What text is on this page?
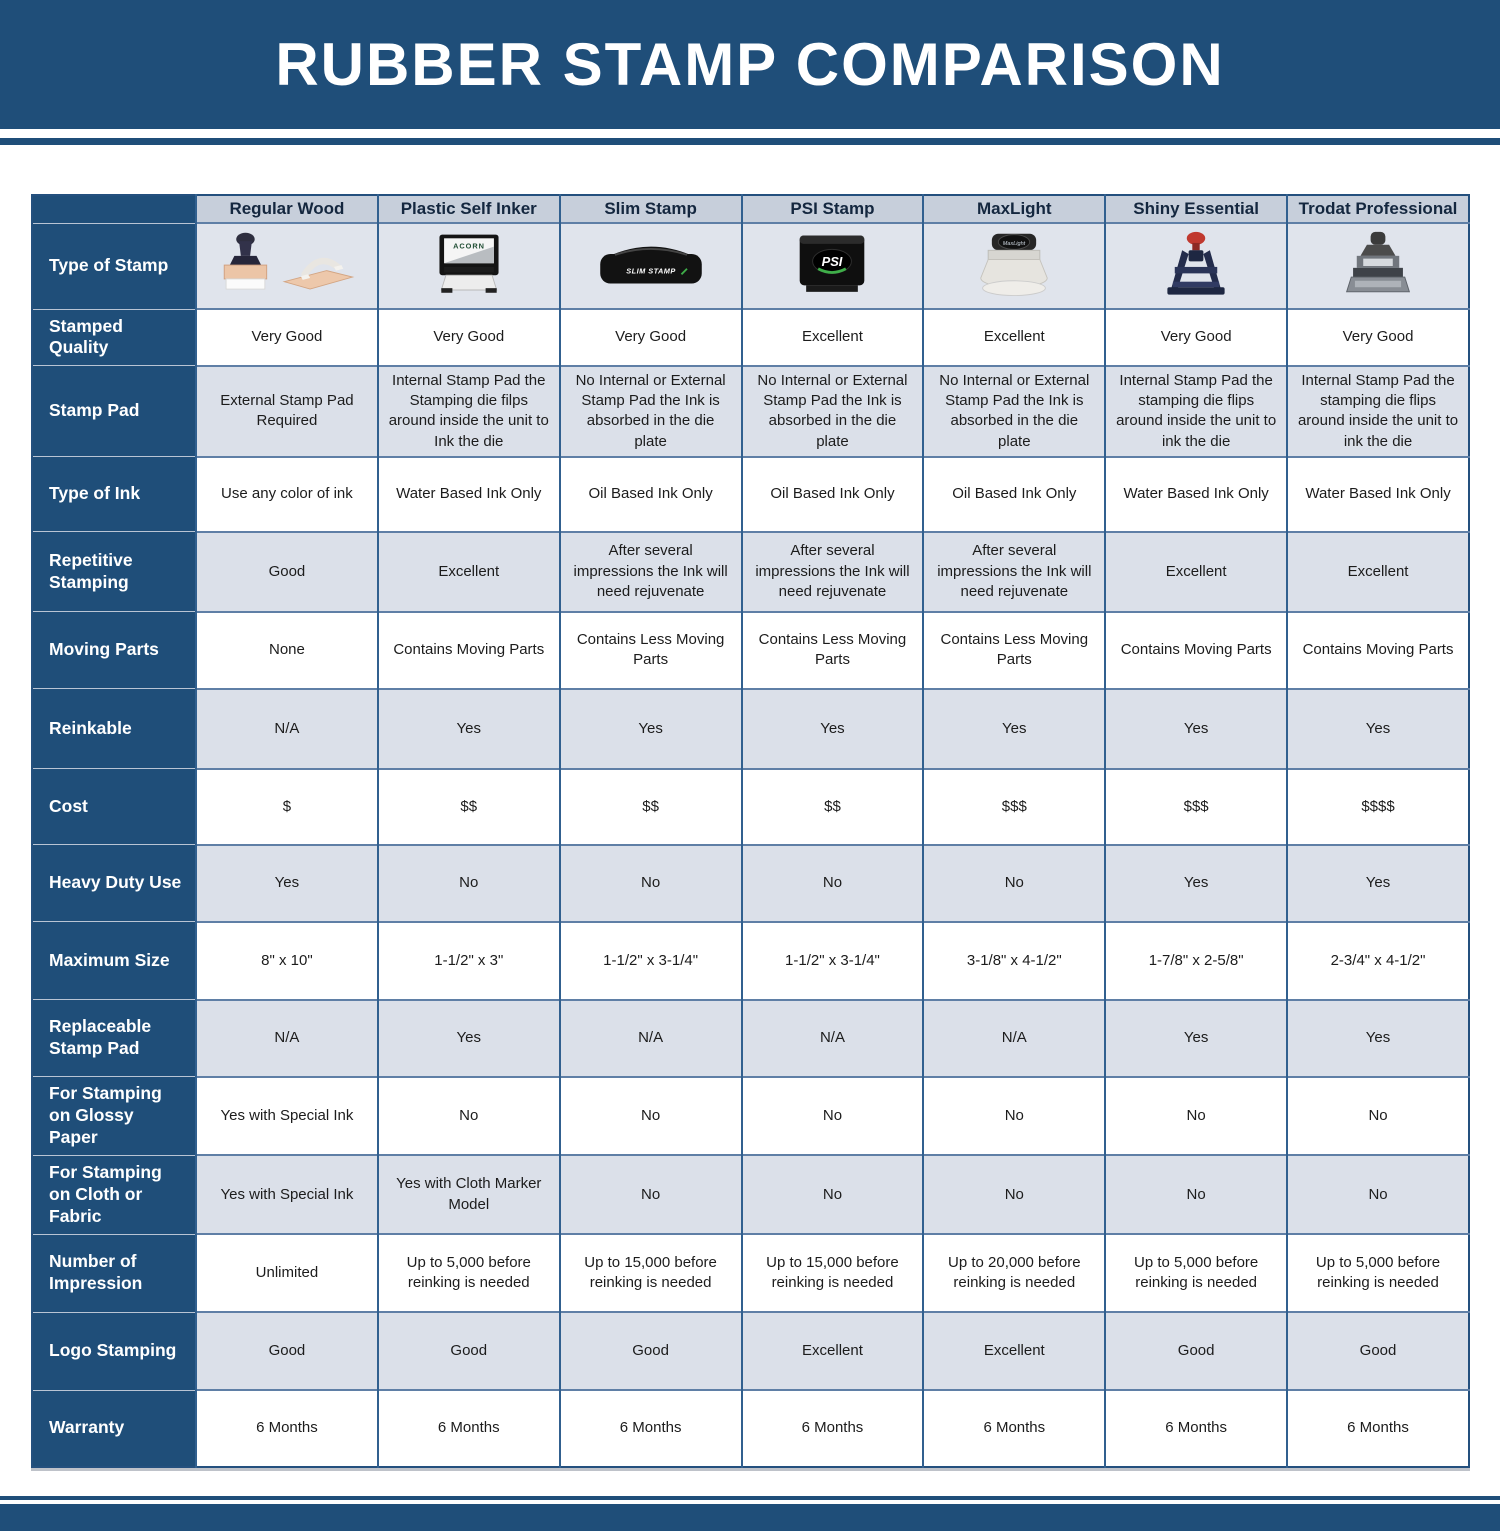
RUBBER STAMP COMPARISON
	Regular Wood	Plastic Self Inker	Slim Stamp	PSI Stamp	MaxLight	Shiny Essential	Trodat Professional
Type of Stamp		ACORN	SLIM STAMP	PSI	MaxLight

Stamped Quality	Very Good	Very Good	Very Good	Excellent	Excellent	Very Good	Very Good
Stamp Pad	External Stamp Pad Required	Internal Stamp Pad the Stamping die filps around inside the unit to Ink the die	No Internal or External Stamp Pad the Ink is absorbed in the die plate	No Internal or External Stamp Pad the Ink is absorbed in the die plate	No Internal or External Stamp Pad the Ink is absorbed in the die plate	Internal Stamp Pad the stamping die flips around inside the unit to ink the die	Internal Stamp Pad the stamping die flips around inside the unit to ink the die
Type of Ink	Use any color of ink	Water Based Ink Only	Oil Based Ink Only	Oil Based Ink Only	Oil Based Ink Only	Water Based Ink Only	Water Based Ink Only
Repetitive Stamping	Good	Excellent	After several impressions the Ink will need rejuvenate	After several impressions the Ink will need rejuvenate	After several impressions the Ink will need rejuvenate	Excellent	Excellent
Moving Parts	None	Contains Moving Parts	Contains Less Moving Parts	Contains Less Moving Parts	Contains Less Moving Parts	Contains Moving Parts	Contains Moving Parts
Reinkable	N/A	Yes	Yes	Yes	Yes	Yes	Yes
Cost	$	$$	$$	$$	$$$	$$$	$$$$
Heavy Duty Use	Yes	No	No	No	No	Yes	Yes
Maximum Size	8" x 10"	1-1/2" x 3"	1-1/2" x 3-1/4"	1-1/2" x 3-1/4"	3-1/8" x 4-1/2"	1-7/8" x 2-5/8"	2-3/4" x 4-1/2"
Replaceable Stamp Pad	N/A	Yes	N/A	N/A	N/A	Yes	Yes
For Stamping on Glossy Paper	Yes with Special Ink	No	No	No	No	No	No
For Stamping on Cloth or Fabric	Yes with Special Ink	Yes with Cloth Marker Model	No	No	No	No	No
Number of Impression	Unlimited	Up to 5,000 before reinking is needed	Up to 15,000 before reinking is needed	Up to 15,000 before reinking is needed	Up to 20,000 before reinking is needed	Up to 5,000 before reinking is needed	Up to 5,000 before reinking is needed
Logo Stamping	Good	Good	Good	Excellent	Excellent	Good	Good
Warranty	6 Months	6 Months	6 Months	6 Months	6 Months	6 Months	6 Months
